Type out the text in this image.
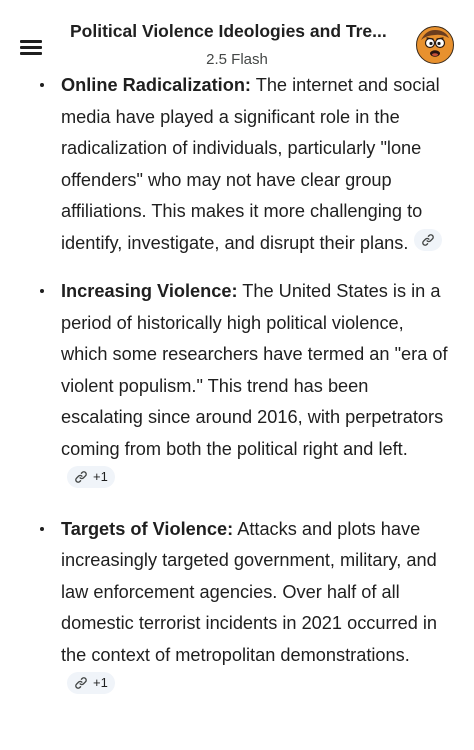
Political Violence Ideologies and Tre...
2.5 Flash
Online Radicalization: The internet and social media have played a significant role in the radicalization of individuals, particularly "lone offenders" who may not have clear group affiliations. This makes it more challenging to identify, investigate, and disrupt their plans.
Increasing Violence: The United States is in a period of historically high political violence, which some researchers have termed an "era of violent populism." This trend has been escalating since around 2016, with perpetrators coming from both the political right and left.
+1
Targets of Violence: Attacks and plots have increasingly targeted government, military, and law enforcement agencies. Over half of all domestic terrorist incidents in 2021 occurred in the context of metropolitan demonstrations.
+1
